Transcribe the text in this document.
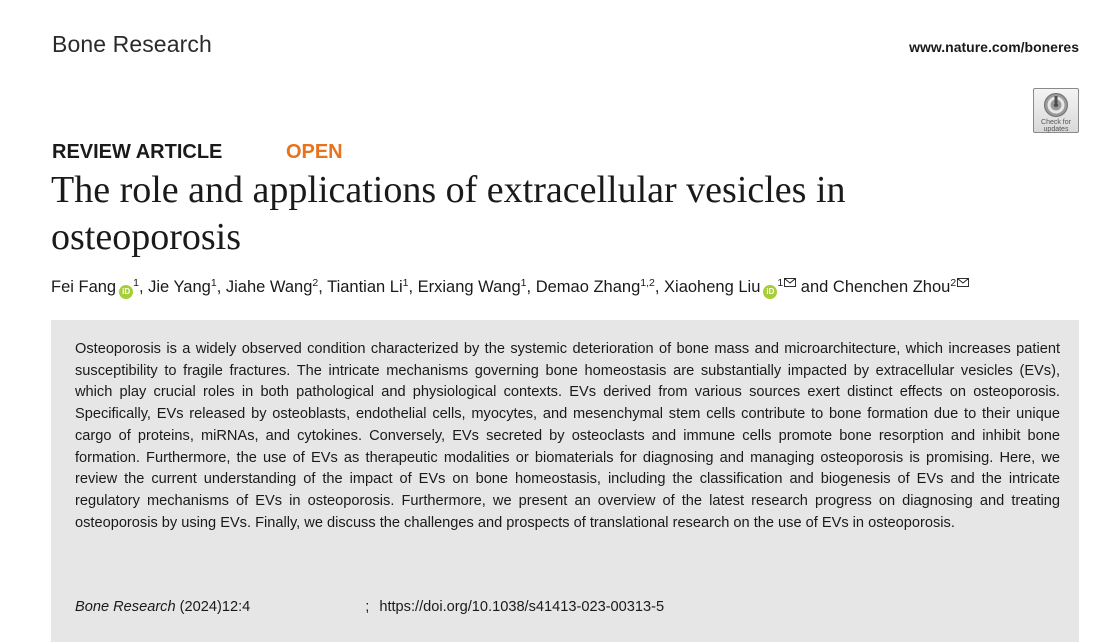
Bone Research	www.nature.com/boneres
Check for updates
REVIEW ARTICLE	OPEN
The role and applications of extracellular vesicles in osteoporosis
Fei Fang $iD^1$, Jie Yang$^1$, Jiahe Wang$^2$, Tiantian Li$^1$, Erxiang Wang$^1$, Demao Zhang$^{1,2}$, Xiaoheng Liu $iD^1$ and Chenchen Zhou$^2$

Osteoporosis is a widely observed condition characterized by the systemic deterioration of bone mass and microarchitecture, which increases patient susceptibility to fragile fractures. The intricate mechanisms governing bone homeostasis are substantially impacted by extracellular vesicles (EVs), which play crucial roles in both pathological and physiological contexts. EVs derived from various sources exert distinct effects on osteoporosis. Specifically, EVs released by osteoblasts, endothelial cells, myocytes, and mesenchymal stem cells contribute to bone formation due to their unique cargo of proteins, miRNAs, and cytokines. Conversely, EVs secreted by osteoclasts and immune cells promote bone resorption and inhibit bone formation. Furthermore, the use of EVs as therapeutic modalities or biomaterials for diagnosing and managing osteoporosis is promising. Here, we review the current understanding of the impact of EVs on bone homeostasis, including the classification and biogenesis of EVs and the intricate regulatory mechanisms of EVs in osteoporosis. Furthermore, we present an overview of the latest research progress on diagnosing and treating osteoporosis by using EVs. Finally, we discuss the challenges and prospects of translational research on the use of EVs in osteoporosis.

Bone Research (2024)12:4	; https://doi.org/10.1038/s41413-023-00313-5
